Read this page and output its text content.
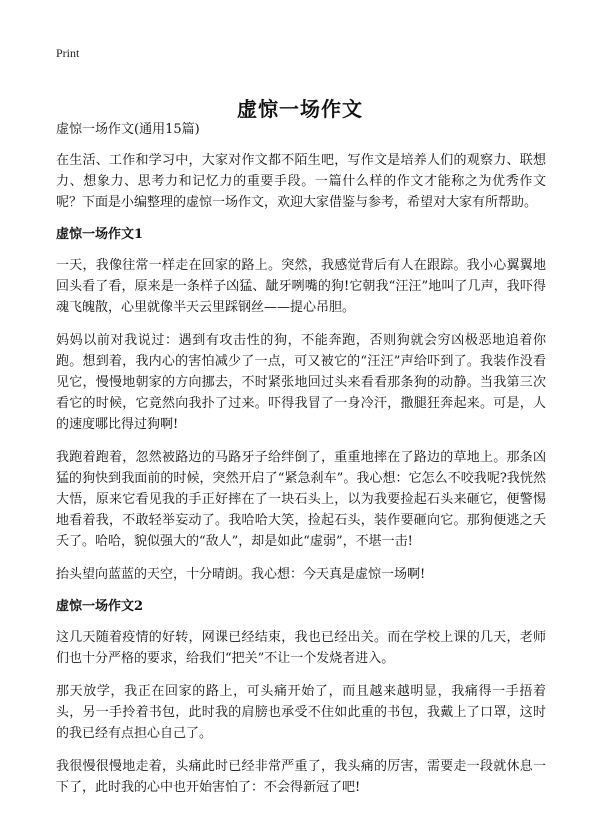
Print
虚惊一场作文
虚惊一场作文(通用15篇)

在生活、工作和学习中，大家对作文都不陌生吧，写作文是培养人们的观察力、联想力、想象力、思考力和记忆力的重要手段。一篇什么样的作文才能称之为优秀作文呢？下面是小编整理的虚惊一场作文，欢迎大家借鉴与参考，希望对大家有所帮助。

虚惊一场作文1

一天，我像往常一样走在回家的路上。突然，我感觉背后有人在跟踪。我小心翼翼地回头看了看，原来是一条样子凶猛、龇牙咧嘴的狗!它朝我“汪汪”地叫了几声，我吓得魂飞魄散，心里就像半天云里踩钢丝——提心吊胆。

妈妈以前对我说过：遇到有攻击性的狗，不能奔跑，否则狗就会穷凶极恶地追着你跑。想到着，我内心的害怕减少了一点，可又被它的“汪汪”声给吓到了。我装作没看见它，慢慢地朝家的方向挪去，不时紧张地回过头来看看那条狗的动静。当我第三次看它的时候，它竟然向我扑了过来。吓得我冒了一身冷汗，撒腿狂奔起来。可是，人的速度哪比得过狗啊!

我跑着跑着，忽然被路边的马路牙子给绊倒了，重重地摔在了路边的草地上。那条凶猛的狗快到我面前的时候，突然开启了“紧急刹车”。我心想：它怎么不咬我呢?我恍然大悟，原来它看见我的手正好摔在了一块石头上，以为我要捡起石头来砸它，便警惕地看着我，不敢轻举妄动了。我哈哈大笑，捡起石头，装作要砸向它。那狗便逃之夭夭了。哈哈，貌似强大的“敌人”，却是如此“虚弱”，不堪一击!

抬头望向蓝蓝的天空，十分晴朗。我心想：今天真是虚惊一场啊!

虚惊一场作文2

这几天随着疫情的好转，网课已经结束，我也已经出关。而在学校上课的几天，老师们也十分严格的要求，给我们“把关”不让一个发烧者进入。

那天放学，我正在回家的路上，可头痛开始了，而且越来越明显，我痛得一手捂着头，另一手拎着书包，此时我的肩膀也承受不住如此重的书包，我戴上了口罩，这时的我已经有点担心自己了。

我很慢很慢地走着，头痛此时已经非常严重了，我头痛的厉害，需要走一段就休息一下了，此时我的心中也开始害怕了：不会得新冠了吧!
